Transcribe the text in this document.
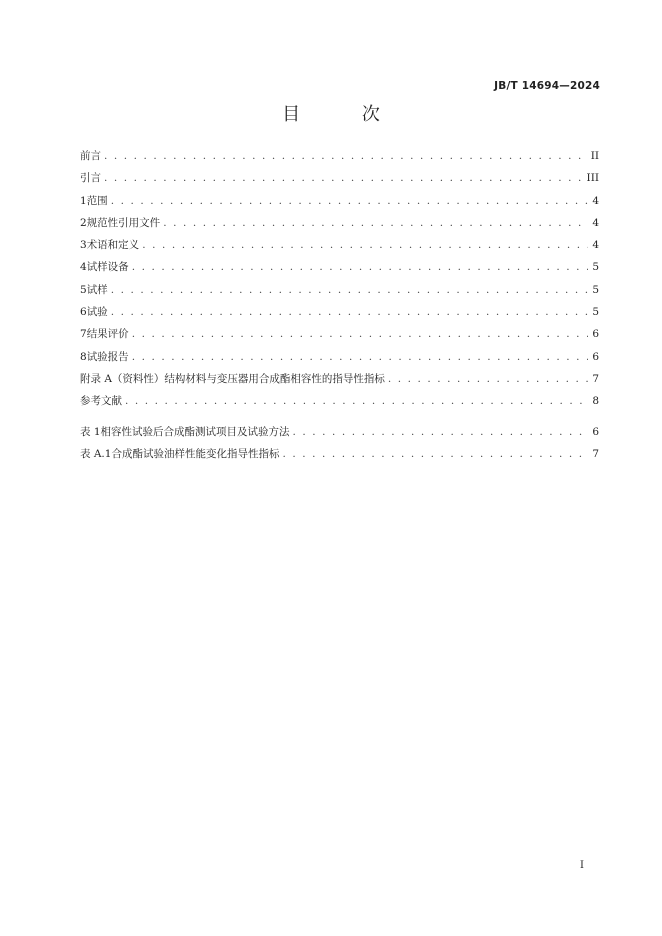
JB/T 14694—2024
目 次
前言 . . .	II
引言 . . .	III
1 范围 . . .	4
2 规范性引用文件 . . .	4
3 术语和定义 . . .	4
4 试样设备 . . .	5
5 试样 . . .	5
6 试验 . . .	5
7 结果评价 . . .	6
8 试验报告 . . .	6
附录 A（资料性） 结构材料与变压器用合成酯相容性的指导性指标 . . .	7
参考文献 . . .	8
表 1 相容性试验后合成酯测试项目及试验方法 . . .	6
表 A.1 合成酯试验油样性能变化指导性指标 . . .	7
I
